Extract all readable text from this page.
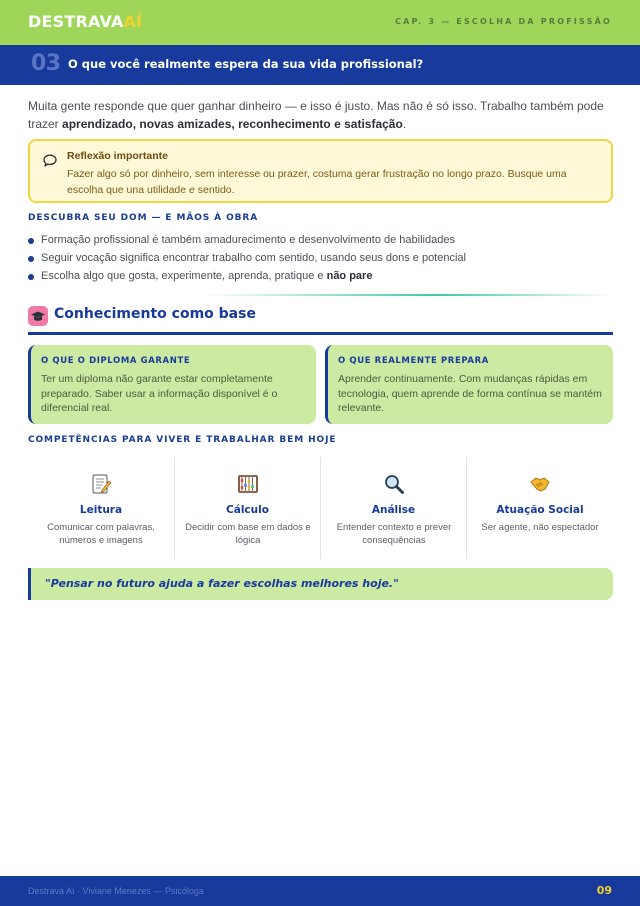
DESTRAVAAÍ	CAP. 3 — ESCOLHA DA PROFISSÃO
03 O que você realmente espera da sua vida profissional?

Muita gente responde que quer ganhar dinheiro — e isso é justo. Mas não é só isso. Trabalho também pode trazer aprendizado, novas amizades, reconhecimento e satisfação.

Reflexão importante
Fazer algo só por dinheiro, sem interesse ou prazer, costuma gerar frustração no longo prazo. Busque uma escolha que una utilidade e sentido.
DESCUBRA SEU DOM — E MÃOS À OBRA
Formação profissional é também amadurecimento e desenvolvimento de habilidades
Seguir vocação significa encontrar trabalho com sentido, usando seus dons e potencial
Escolha algo que gosta, experimente, aprenda, pratique e não pare
Conhecimento como base
O QUE O DIPLOMA GARANTE
Ter um diploma não garante estar completamente preparado. Saber usar a informação disponível é o diferencial real.
O QUE REALMENTE PREPARA
Aprender continuamente. Com mudanças rápidas em tecnologia, quem aprende de forma contínua se mantém relevante.
COMPETÊNCIAS PARA VIVER E TRABALHAR BEM HOJE
Leitura
Comunicar com palavras, números e imagens
Cálculo
Decidir com base em dados e lógica
Análise
Entender contexto e prever consequências
Atuação Social
Ser agente, não espectador
"Pensar no futuro ajuda a fazer escolhas melhores hoje."
Destrava Aí · Viviane Menezes — Psicóloga	09
